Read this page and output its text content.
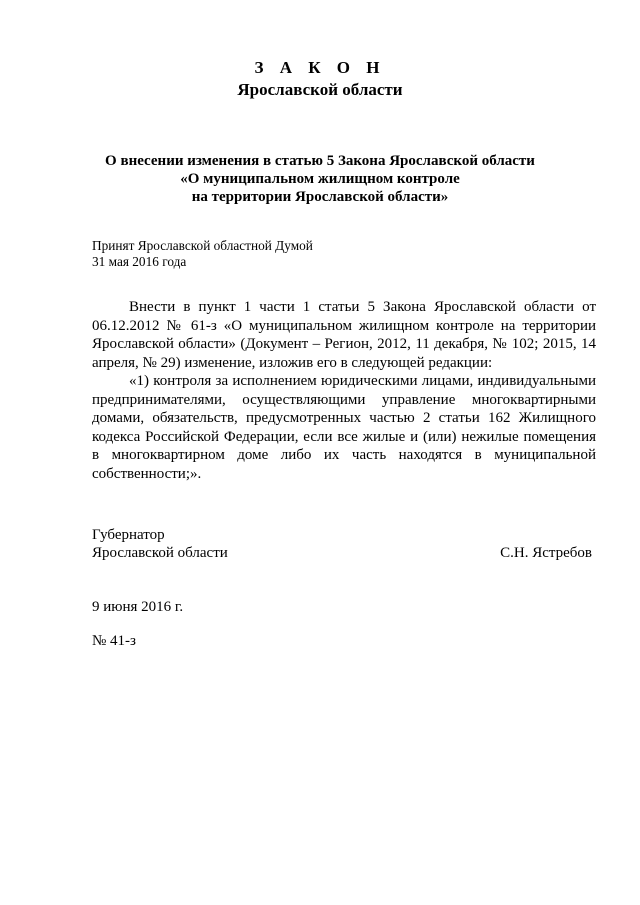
З А К О Н
Ярославской области
О внесении изменения в статью 5 Закона Ярославской области
«О муниципальном жилищном контроле
на территории Ярославской области»
Принят Ярославской областной Думой
31 мая 2016 года

Внести в пункт 1 части 1 статьи 5 Закона Ярославской области от 06.12.2012 № 61-з «О муниципальном жилищном контроле на территории Ярославской области» (Документ – Регион, 2012, 11 декабря, № 102; 2015, 14 апреля, № 29) изменение, изложив его в следующей редакции:

«1) контроля за исполнением юридическими лицами, индивидуальными предпринимателями, осуществляющими управление многоквартирными домами, обязательств, предусмотренных частью 2 статьи 162 Жилищного кодекса Российской Федерации, если все жилые и (или) нежилые помещения в многоквартирном доме либо их часть находятся в муниципальной собственности;».

Губернатор
Ярославской области	С.Н. Ястребов
9 июня 2016 г.
№ 41-з
